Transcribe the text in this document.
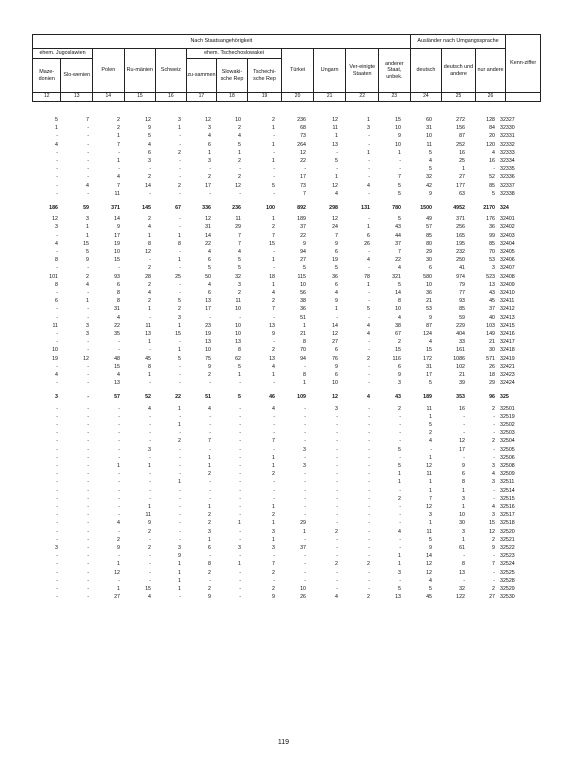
Nach Staatsangehörigkeit												Ausländer nach Umgangssprache			Kenn-ziffer
ehem. Jugoslawien		Polen	Ru-mänien	Schweiz	ehem. Tschechoslowakei			Türkei	Ungarn	Ver-einigte Staaten	anderer Staat, unbek.	deutsch	deutsch und andere	nur andere	
Maze-donien	Slo-wenien				zu-sammen	Slowaki-sche Rep	Tschechi-sche Rep								
12	13	14	15	16	17	18	19	20	21	22	23	24	25	26	
5	7	2	12	3	12	10	2	236	12	1	15	60	272	128 32327
1	-	2	9	1	3	2	1	68	11	3	10	31	156	84 32330
-	-	1	5	-	4	4	-	73	1	-	9	10	87	20 32331
4	-	7	4	-	6	5	1	264	13	-	10	11	252	120 32332
-	-	-	6	2	1	1	-	12	-	1	1	5	16	4 32333
-	-	1	3	-	3	2	1	22	5	-	-	4	25	16 32334
-	-	-	-	-	-	-	-	-	-	-	-	5	1	- 32335
-	-	4	2	-	2	2	-	17	1	-	7	32	27	52 32336
-	4	7	14	2	17	12	5	73	12	4	5	42	177	85 32337
-	-	11	-	-	-	-	-	7	4	-	5	9	63	5 32338
186	59	371	145	67	336	236	100	892	298	131	780	1500	4952	2170 324
12	3	14	2	-	12	11	1	189	12	-	5	49	371	176 32401
3	1	9	4	-	31	29	2	37	24	1	43	57	256	36 32402
-	1	17	1	1	14	7	7	22	7	6	44	85	165	99 32403
4	15	19	8	8	22	7	15	9	9	26	37	80	195	85 32404
-	5	10	12	-	4	4	-	94	6	-	7	29	232	70 32405
8	9	15	-	1	6	5	1	27	19	4	22	30	250	53 32406
-	-	-	2	-	5	5	-	5	5	-	4	6	41	3 32407
101	2	93	28	25	50	32	18	115	36	78	321	580	974	523 32408
8	4	6	2	-	4	3	1	10	6	1	5	10	79	13 32409
-	-	8	4	-	6	2	4	56	4	-	14	36	77	43 32410
6	1	8	2	5	13	11	2	38	9	-	8	21	93	45 32411
-	-	31	1	2	17	10	7	36	1	5	10	53	85	37 32412
-	-	4	-	3	-	-	-	51	-	-	4	9	59	40 32413
11	3	22	11	1	23	10	13	1	14	4	38	87	229	103 32415
-	3	35	13	15	19	10	9	21	12	4	67	124	404	149 32416
-	-	-	1	-	13	13	-	8	27	-	2	4	33	21 32417
10	-	-	-	1	10	8	2	70	6	-	15	15	161	30 32418
19	12	48	45	5	75	62	13	94	76	2	116	172	1086	571 32419
-	-	15	8	-	9	5	4	-	9	-	6	31	102	26 32421
4	-	4	1	-	2	1	1	8	6	-	9	17	21	18 32423
-	-	13	-	-	-	-	-	1	10	-	3	5	39	29 32424
3	-	57	52	22	51	5	46	109	12	4	43	189	353	96 325
-	-	-	4	1	4	-	4	-	3	-	2	11	16	2 32501
-	-	-	-	-	-	-	-	-	-	-	-	1	-	- 32519
-	-	-	-	1	-	-	-	-	-	-	-	5	-	- 32502
-	-	-	-	-	-	-	-	-	-	-	-	2	-	- 32503
-	-	-	-	2	7	-	7	-	-	-	-	4	12	2 32504
-	-	-	3	-	-	-	-	3	-	-	5	-	17	- 32505
-	-	-	-	-	1	-	1	-	-	-	-	1	-	- 32506
-	-	1	1	-	1	-	1	3	-	-	5	12	9	3 32508
-	-	-	-	-	2	-	2	-	-	-	1	11	6	4 32509
-	-	-	-	1	-	-	-	-	-	-	1	1	8	3 32511
-	-	-	-	-	-	-	-	-	-	-	-	1	1	- 32514
-	-	-	-	-	-	-	-	-	-	-	2	7	3	- 32515
-	-	-	1	-	1	-	1	-	-	-	-	12	1	4 32516
-	-	-	11	-	2	-	2	-	-	-	-	3	10	3 32517
-	-	4	9	-	2	1	1	29	-	-	-	1	30	15 32518
-	-	-	2	-	3	-	3	1	2	-	4	11	3	12 32520
-	-	2	-	-	1	-	1	-	-	-	-	5	1	2 32521
3	-	9	2	3	6	3	3	37	-	-	-	9	61	9 32522
-	-	-	-	9	-	-	-	-	-	-	1	14	-	- 32523
-	-	1	-	1	8	1	7	-	2	2	1	12	8	7 32524
-	-	12	-	1	2	-	2	-	-	-	3	12	13	- 32525
-	-	-	-	1	-	-	-	-	-	-	-	4	-	- 32528
-	-	1	15	1	2	-	2	10	-	-	5	5	32	2 32529
-	-	27	4	-	9	-	9	26	4	2	13	45	122	27 32530
119
